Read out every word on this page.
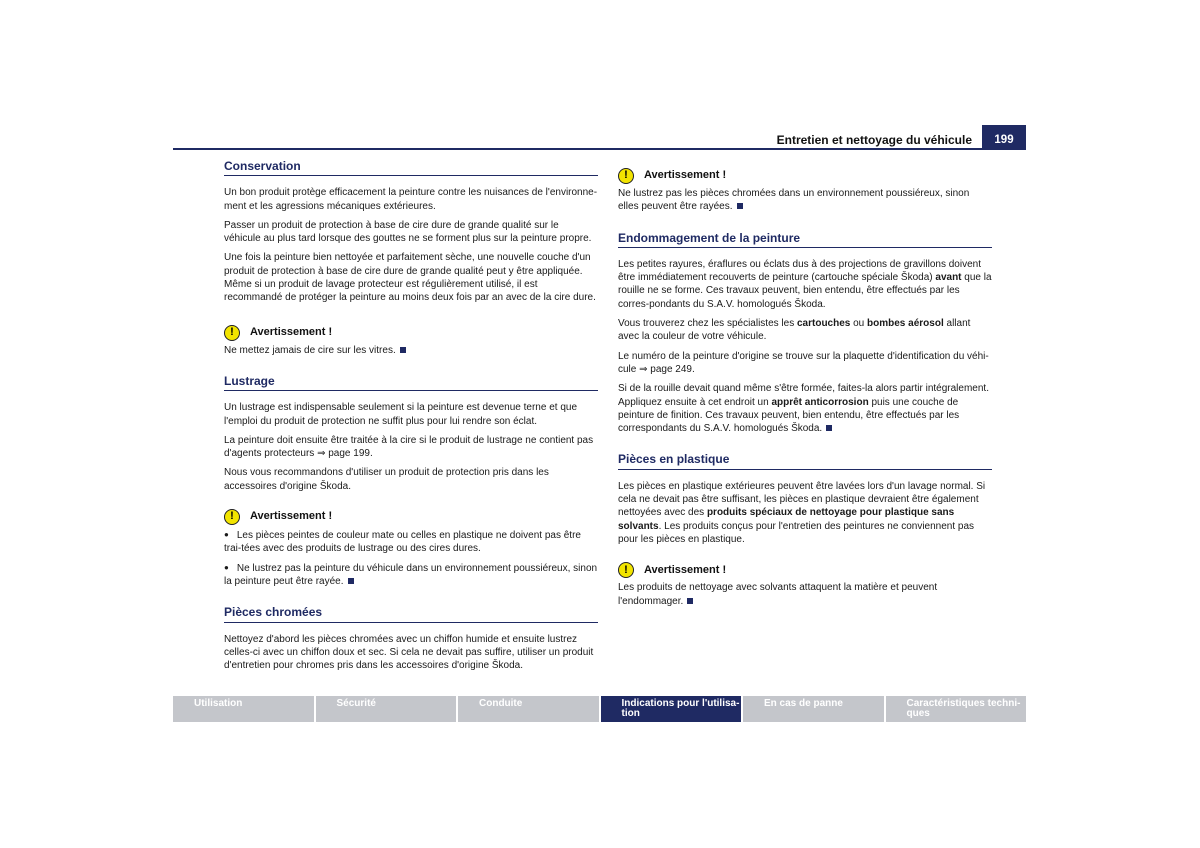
Entretien et nettoyage du véhicule	199
Conservation

Un bon produit protège efficacement la peinture contre les nuisances de l'environne-ment et les agressions mécaniques extérieures.

Passer un produit de protection à base de cire dure de grande qualité sur le véhicule au plus tard lorsque des gouttes ne se forment plus sur la peinture propre.

Une fois la peinture bien nettoyée et parfaitement sèche, une nouvelle couche d'un produit de protection à base de cire dure de grande qualité peut y être appliquée. Même si un produit de lavage protecteur est régulièrement utilisé, il est recommandé de protéger la peinture au moins deux fois par an avec de la cire dure.

!	Avertissement !

Ne mettez jamais de cire sur les vitres.

Lustrage

Un lustrage est indispensable seulement si la peinture est devenue terne et que l'emploi du produit de protection ne suffit plus pour lui rendre son éclat.

La peinture doit ensuite être traitée à la cire si le produit de lustrage ne contient pas d'agents protecteurs ⇒ page 199.

Nous vous recommandons d'utiliser un produit de protection pris dans les accessoires d'origine Škoda.

!	Avertissement !

● Les pièces peintes de couleur mate ou celles en plastique ne doivent pas être trai-tées avec des produits de lustrage ou des cires dures.

● Ne lustrez pas la peinture du véhicule dans un environnement poussiéreux, sinon la peinture peut être rayée.

Pièces chromées

Nettoyez d'abord les pièces chromées avec un chiffon humide et ensuite lustrez celles-ci avec un chiffon doux et sec. Si cela ne devait pas suffire, utiliser un produit d'entretien pour chromes pris dans les accessoires d'origine Škoda.

!	Avertissement !

Ne lustrez pas les pièces chromées dans un environnement poussiéreux, sinon elles peuvent être rayées.

Endommagement de la peinture

Les petites rayures, éraflures ou éclats dus à des projections de gravillons doivent être immédiatement recouverts de peinture (cartouche spéciale Škoda) avant que la rouille ne se forme. Ces travaux peuvent, bien entendu, être effectués par les corres-pondants du S.A.V. homologués Škoda.

Vous trouverez chez les spécialistes les cartouches ou bombes aérosol allant avec la couleur de votre véhicule.

Le numéro de la peinture d'origine se trouve sur la plaquette d'identification du véhi-cule ⇒ page 249.

Si de la rouille devait quand même s'être formée, faites-la alors partir intégralement. Appliquez ensuite à cet endroit un apprêt anticorrosion puis une couche de peinture de finition. Ces travaux peuvent, bien entendu, être effectués par les correspondants du S.A.V. homologués Škoda.

Pièces en plastique

Les pièces en plastique extérieures peuvent être lavées lors d'un lavage normal. Si cela ne devait pas être suffisant, les pièces en plastique devraient être également nettoyées avec des produits spéciaux de nettoyage pour plastique sans solvants. Les produits conçus pour l'entretien des peintures ne conviennent pas pour les pièces en plastique.

!	Avertissement !

Les produits de nettoyage avec solvants attaquent la matière et peuvent l'endommager.

Utilisation	Sécurité	Conduite	Indications pour l'utilisa-tion
En cas de panne	Caractéristiques techni-ques
